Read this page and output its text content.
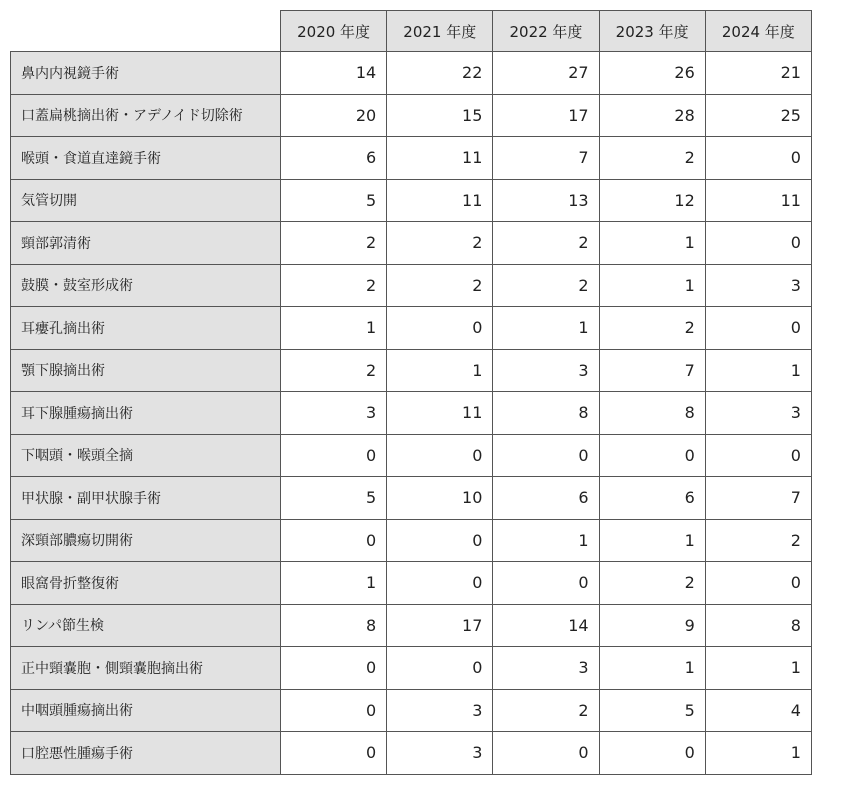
	2020 年度	2021 年度	2022 年度	2023 年度	2024 年度
鼻内内視鏡手術	14	22	27	26	21
口蓋扁桃摘出術・アデノイド切除術	20	15	17	28	25
喉頭・食道直達鏡手術	6	11	7	2	0
気管切開	5	11	13	12	11
頸部郭清術	2	2	2	1	0
鼓膜・鼓室形成術	2	2	2	1	3
耳瘻孔摘出術	1	0	1	2	0
顎下腺摘出術	2	1	3	7	1
耳下腺腫瘍摘出術	3	11	8	8	3
下咽頭・喉頭全摘	0	0	0	0	0
甲状腺・副甲状腺手術	5	10	6	6	7
深頸部膿瘍切開術	0	0	1	1	2
眼窩骨折整復術	1	0	0	2	0
リンパ節生検	8	17	14	9	8
正中頸嚢胞・側頸嚢胞摘出術	0	0	3	1	1
中咽頭腫瘍摘出術	0	3	2	5	4
口腔悪性腫瘍手術	0	3	0	0	1
